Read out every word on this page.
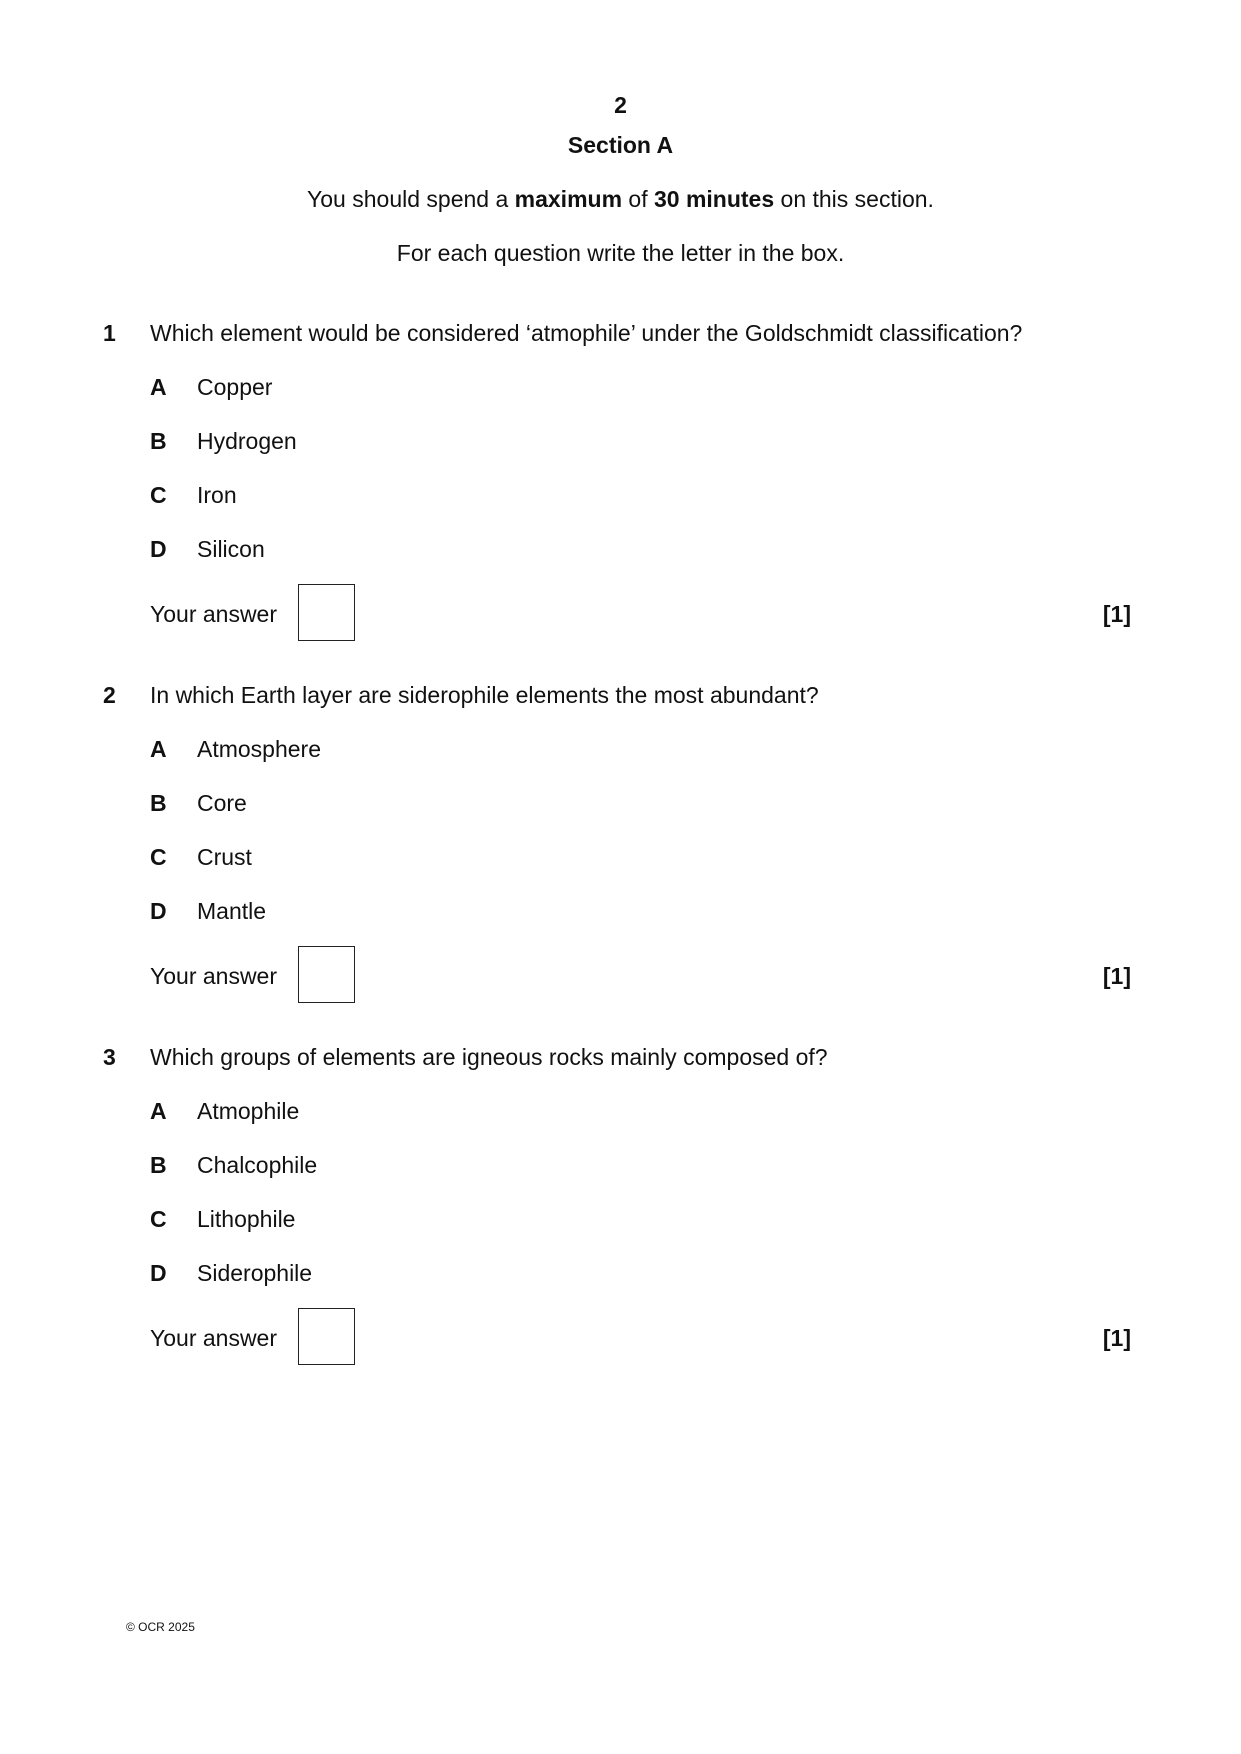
2
Section A
You should spend a maximum of 30 minutes on this section.
For each question write the letter in the box.
1 Which element would be considered ‘atmophile’ under the Goldschmidt classification?
A Copper
B Hydrogen
C Iron
D Silicon
Your answer	[1]
2 In which Earth layer are siderophile elements the most abundant?
A Atmosphere
B Core
C Crust
D Mantle
Your answer	[1]
3 Which groups of elements are igneous rocks mainly composed of?
A Atmophile
B Chalcophile
C Lithophile
D Siderophile
Your answer	[1]
© OCR 2025
